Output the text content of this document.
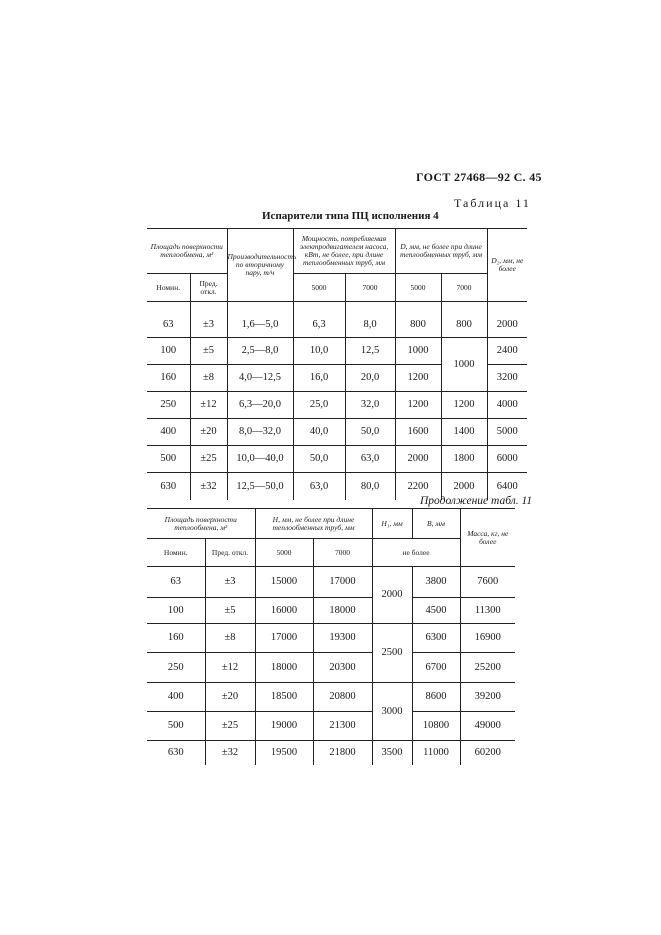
ГОСТ 27468—92 С. 45
Таблица 11
Испарители типа ПЦ исполнения 4
Площадь поверхности теплообмена, м²		Производительность по вторичному пару, т/ч	Мощность, потребляемая электродвигателем насоса, кВт, не более, при длине теплообменных труб, мм		D, мм, не более при длине теплообменных труб, мм		D₂, мм, не более
Номин.	Пред. откл.		5000	7000	5000	7000	

63	±3	1,6—5,0	6,3	8,0	800	800	2000
100	±5	2,5—8,0	10,0	12,5	1000	1000	2400
160	±8	4,0—12,5	16,0	20,0	1200		3200
250	±12	6,3—20,0	25,0	32,0	1200	1200	4000
400	±20	8,0—32,0	40,0	50,0	1600	1400	5000
500	±25	10,0—40,0	50,0	63,0	2000	1800	6000
630	±32	12,5—50,0	63,0	80,0	2200	2000	6400
Продолжение табл. 11
Площадь поверхности теплообмена, м²		H, мм, не более при длине теплообменных труб, мм		H₁, мм	B, мм	Масса, кг, не более
Номин.	Пред. откл.	5000	7000	не более		
63	±3	15000	17000	2000	3800	7600
100	±5	16000	18000		4500	11300
160	±8	17000	19300	2500	6300	16900
250	±12	18000	20300		6700	25200
400	±20	18500	20800	3000	8600	39200
500	±25	19000	21300		10800	49000
630	±32	19500	21800	3500	11000	60200
